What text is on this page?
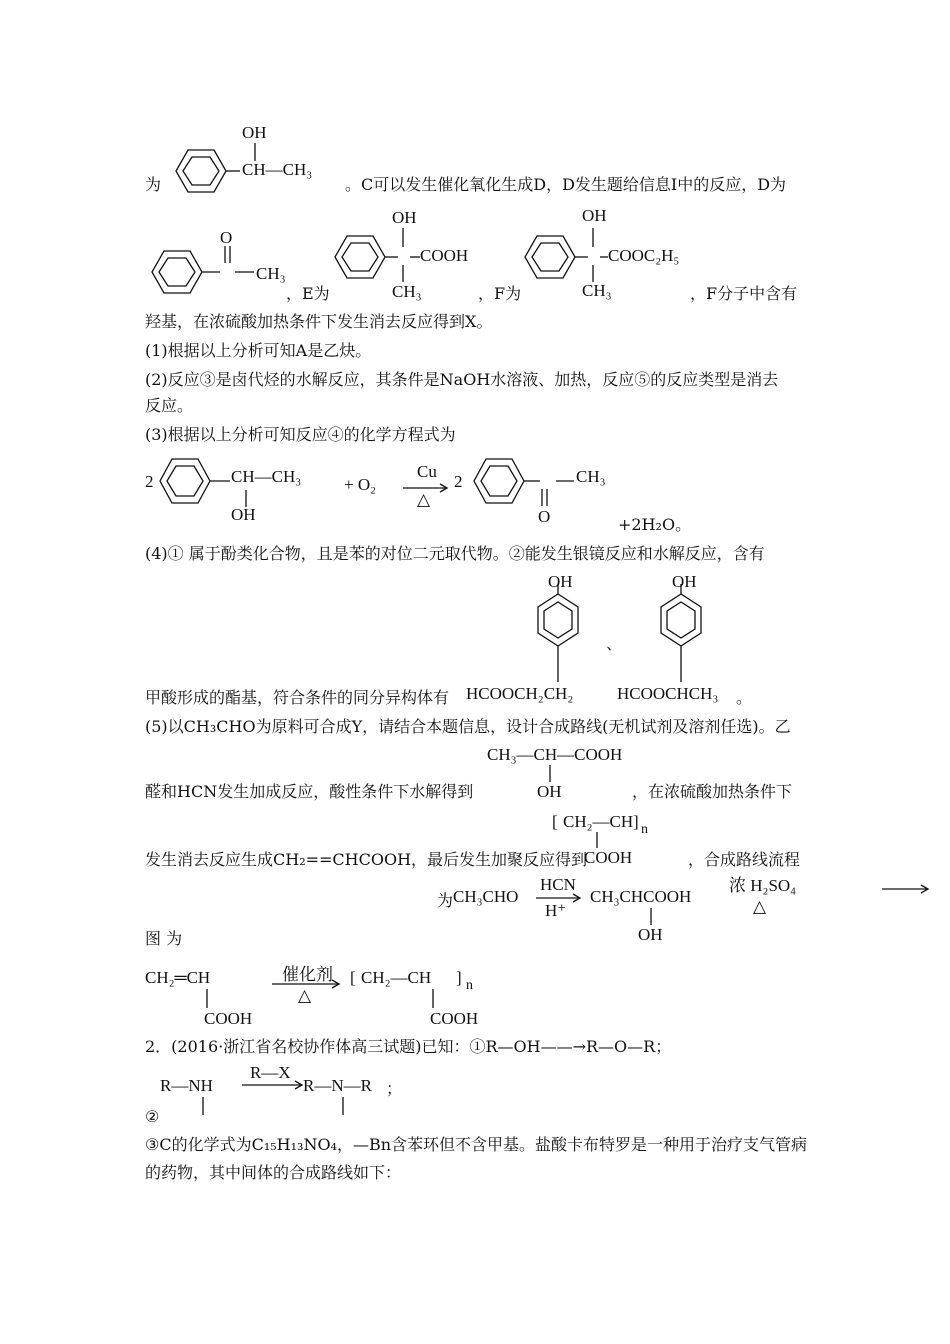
OH
为
CH—CH₃
。C可以发生催化氧化生成D，D发生题给信息Ⅰ中的反应，D为
O
CH₃
，E为
OH
COOH
CH₃	，F为
OH
COOC₂H₅
CH₃	，F分子中含有
羟基，在浓硫酸加热条件下发生消去反应得到X。
(1)根据以上分析可知A是乙炔。
(2)反应③是卤代烃的水解反应，其条件是NaOH水溶液、加热，反应⑤的反应类型是消去
反应。
(3)根据以上分析可知反应④的化学方程式为
2	CH—CH₃
OH
+ O₂
Cu
△
2	CH₃
O	+2H₂O。
(4)① 属于酚类化合物，且是苯的对位二元取代物。②能发生银镜反应和水解反应，含有
OH	OH
、
甲酸形成的酯基，符合条件的同分异构体有 HCOOCH₂CH₂	HCOOCHCH₃ 。
(5)以CH₃CHO为原料可合成Y，请结合本题信息，设计合成路线(无机试剂及溶剂任选)。乙
CH₃—CH—COOH
醛和HCN发生加成反应，酸性条件下水解得到	OH	，在浓硫酸加热条件下
[ CH₂—CH ] n
COOH
发生消去反应生成CH₂==CHCOOH，最后发生加聚反应得到	，合成路线流程
为 CH₃CHO
HCN
H⁺
CH₃CHCOOH
OH
浓 H₂SO₄
△
图 为
CH₂═CH
COOH
催化剂
△
[ CH₂—CH ] n
COOH
2．(2016·浙江省名校协作体高三试题)已知：①R—OH——→R—O—R；
R—NH
R—X
R—N—R ；
②
③C的化学式为C₁₅H₁₃NO₄，—Bn含苯环但不含甲基。盐酸卡布特罗是一种用于治疗支气管病
的药物，其中间体的合成路线如下：
